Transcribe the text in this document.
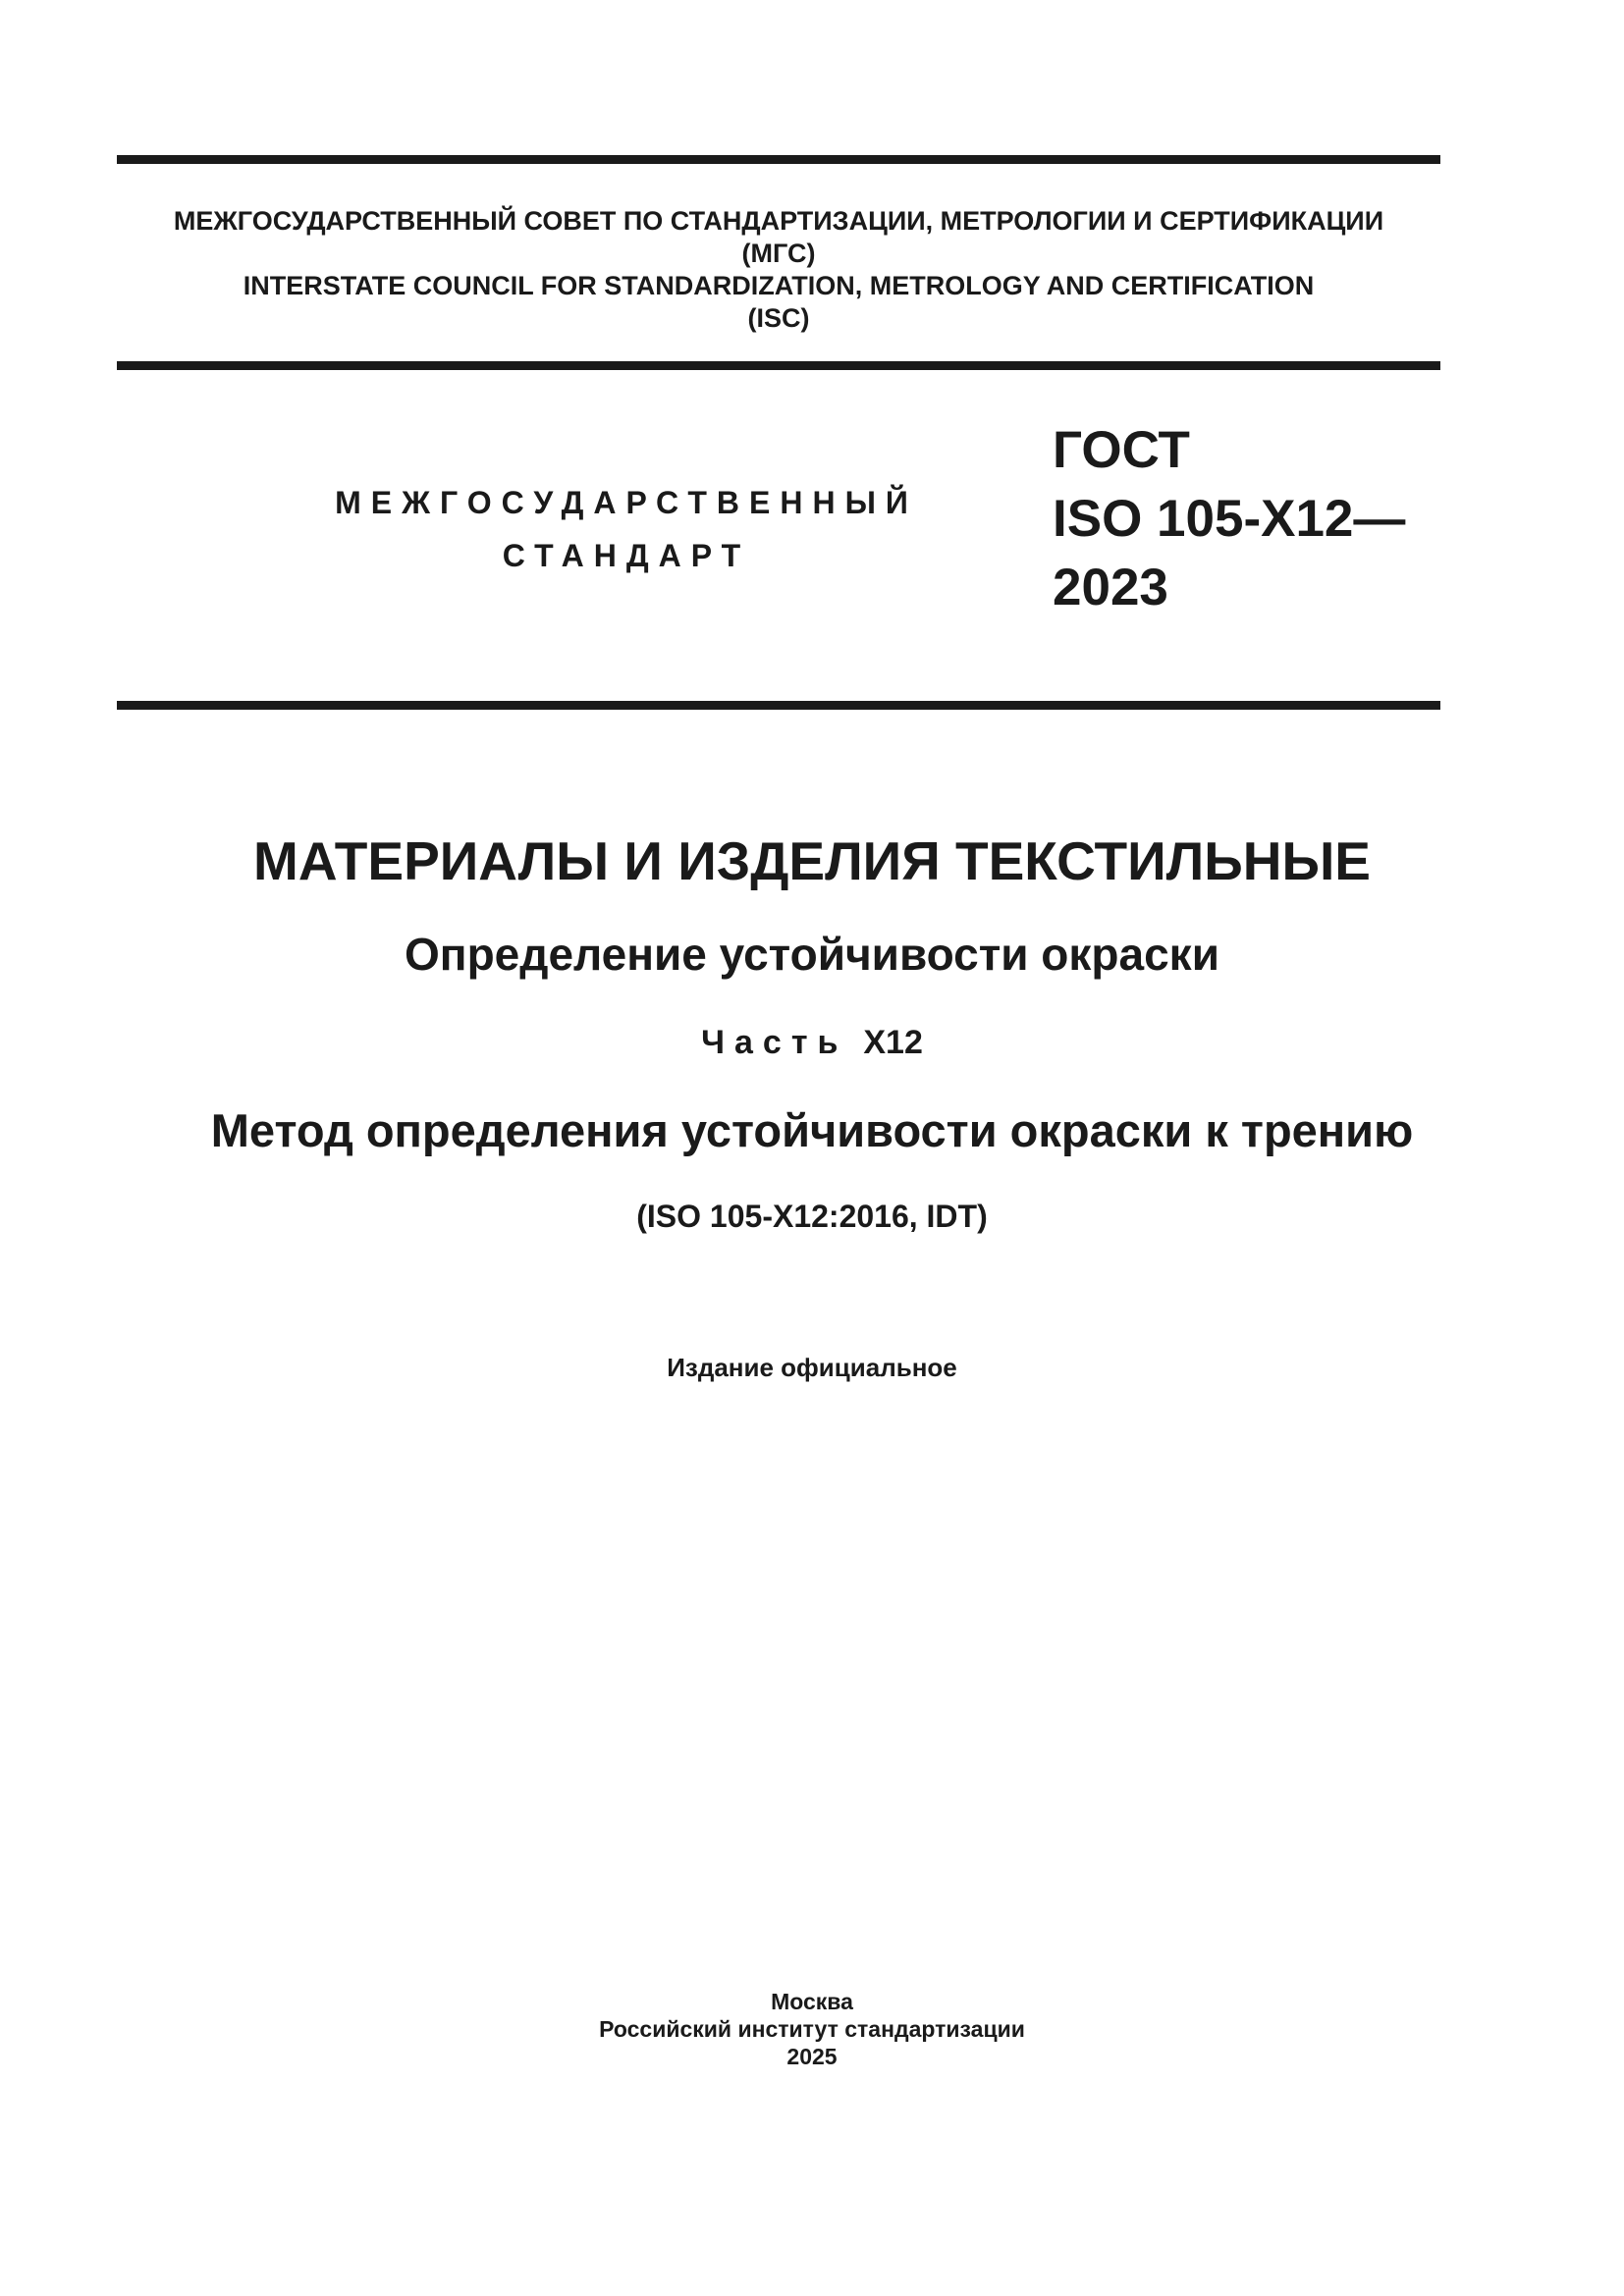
МЕЖГОСУДАРСТВЕННЫЙ СОВЕТ ПО СТАНДАРТИЗАЦИИ, МЕТРОЛОГИИ И СЕРТИФИКАЦИИ
(МГС)
INTERSTATE COUNCIL FOR STANDARDIZATION, METROLOGY AND CERTIFICATION
(ISC)
МЕЖГОСУДАРСТВЕННЫЙ
СТАНДАРТ
ГОСТ
ISO 105-X12—
2023
МАТЕРИАЛЫ И ИЗДЕЛИЯ ТЕКСТИЛЬНЫЕ
Определение устойчивости окраски
Часть X12
Метод определения устойчивости окраски к трению
(ISO 105-X12:2016, IDT)
Издание официальное
Москва
Российский институт стандартизации
2025
